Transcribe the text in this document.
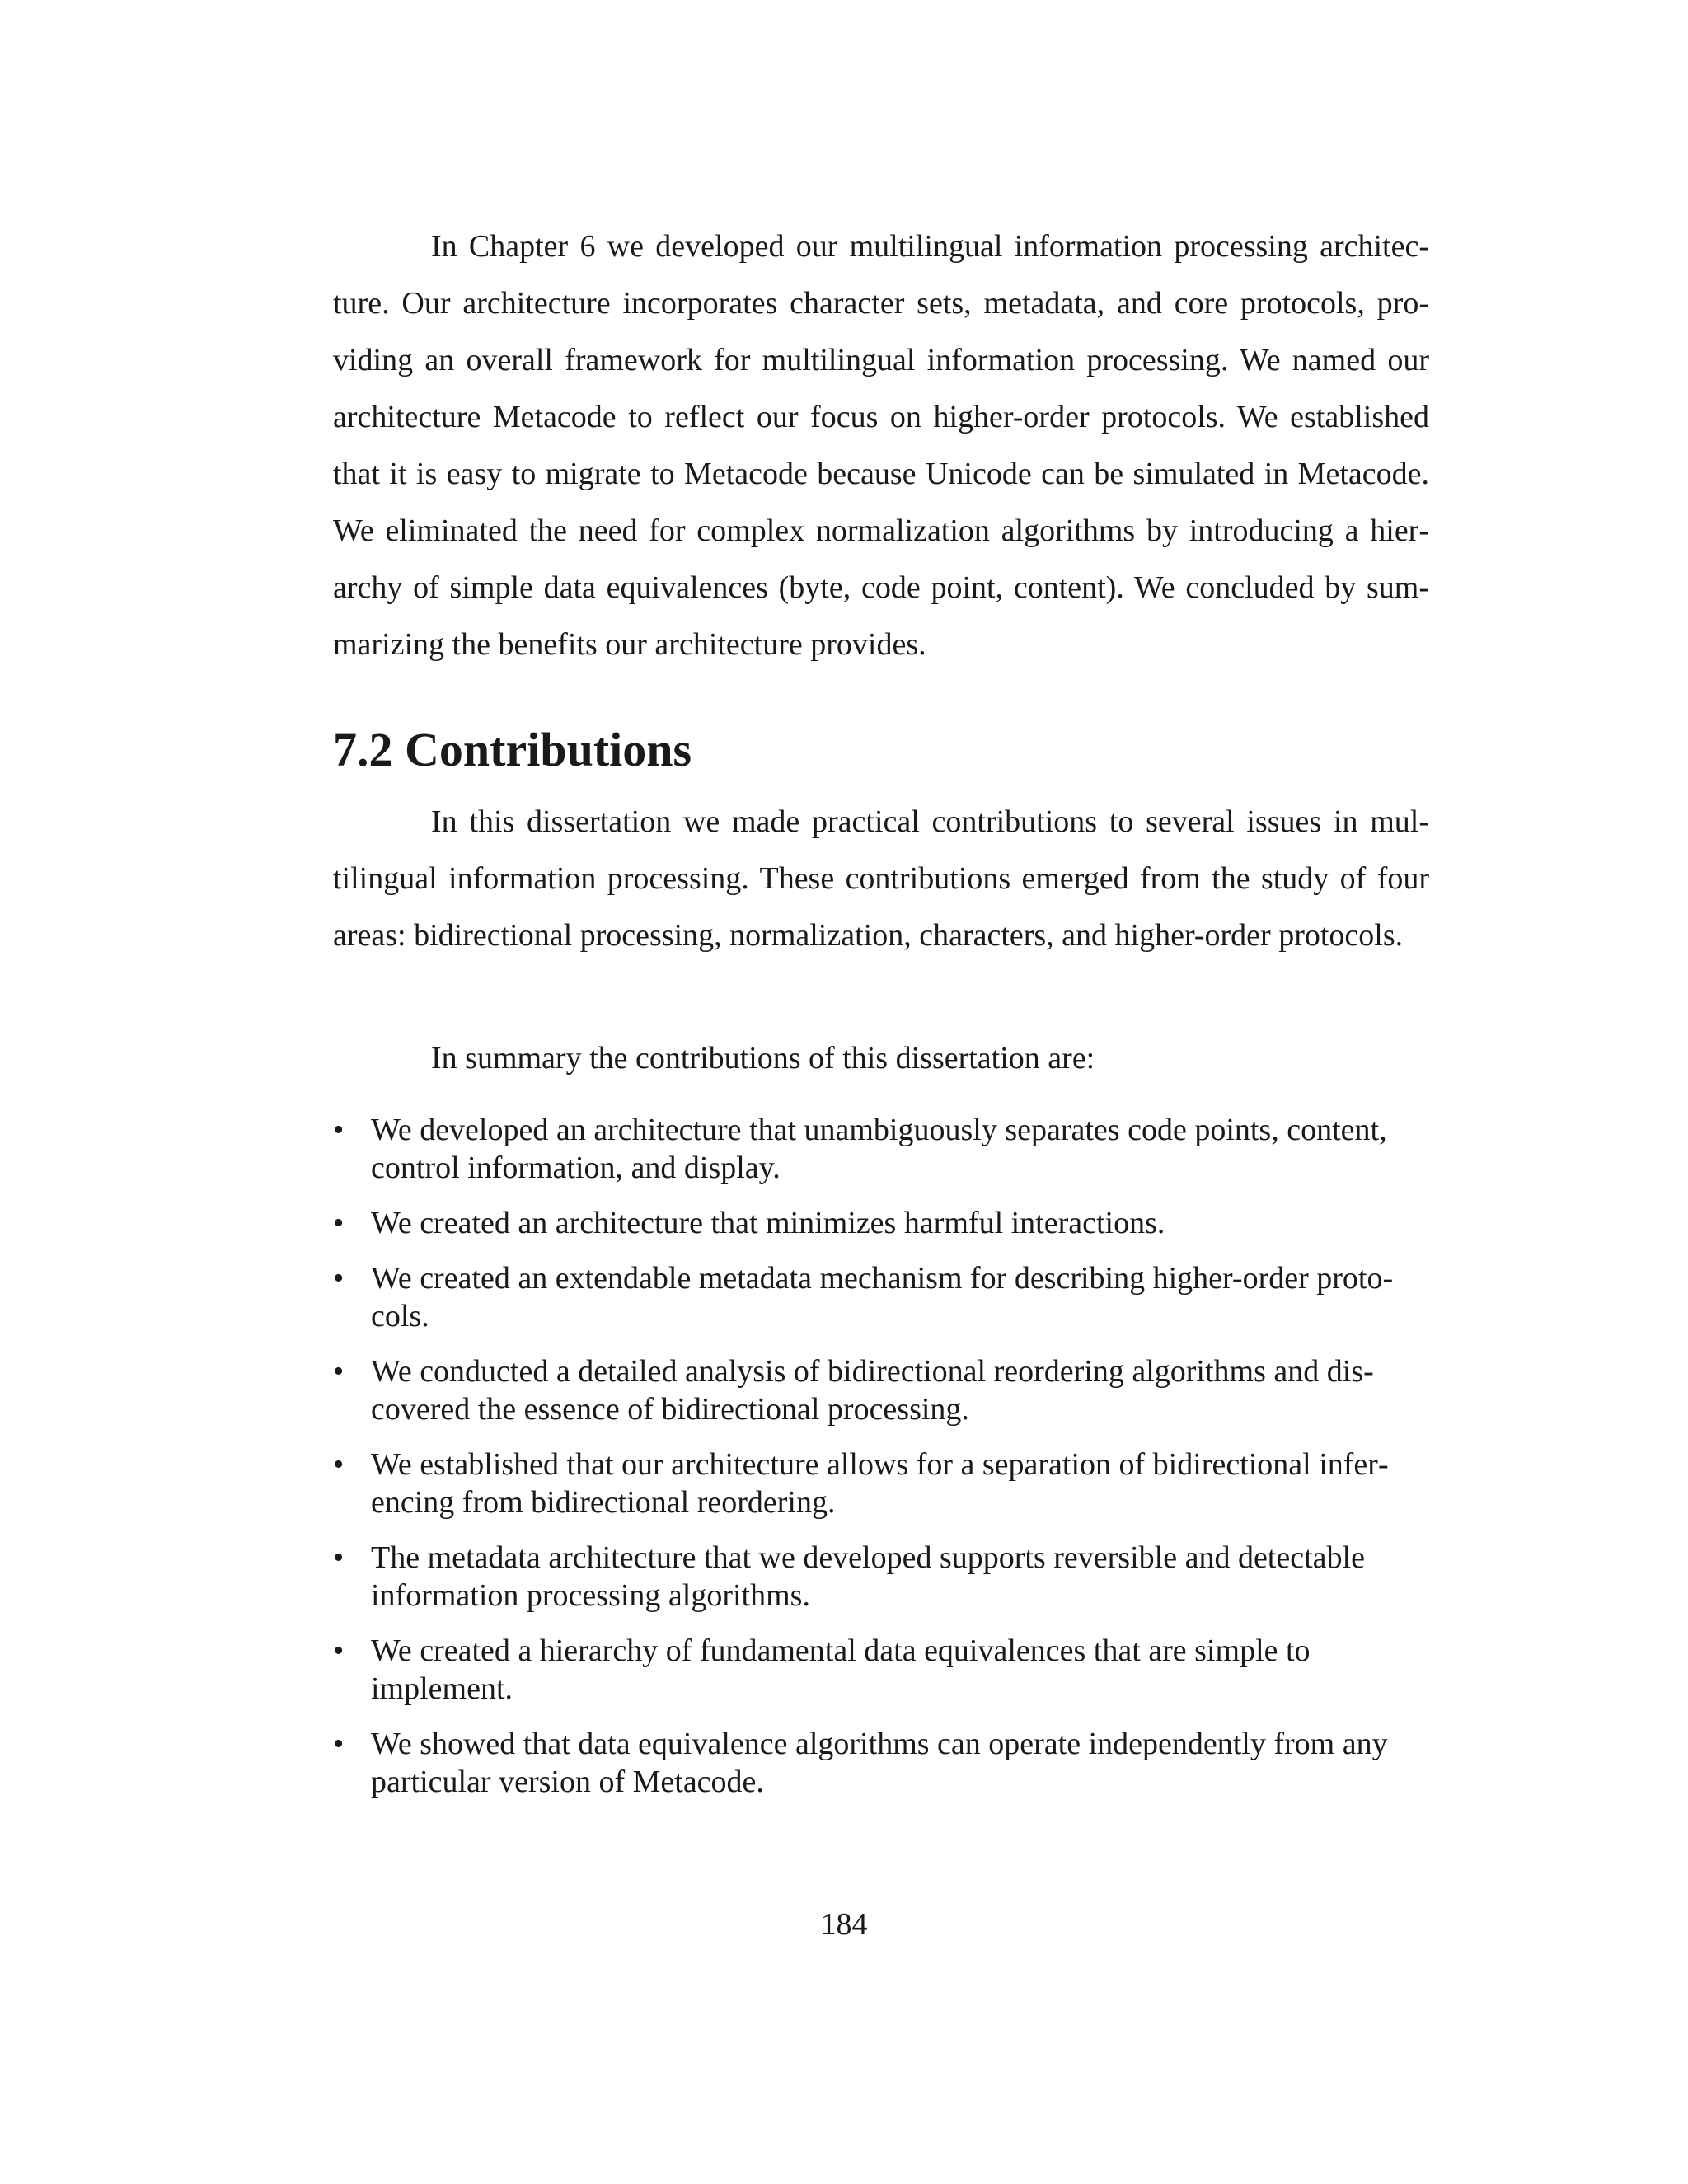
In Chapter 6 we developed our multilingual information processing architecture. Our architecture incorporates character sets, metadata, and core protocols, providing an overall framework for multilingual information processing. We named our architecture Metacode to reflect our focus on higher-order protocols. We established that it is easy to migrate to Metacode because Unicode can be simulated in Metacode. We eliminated the need for complex normalization algorithms by introducing a hierarchy of simple data equivalences (byte, code point, content). We concluded by summarizing the benefits our architecture provides.

7.2 Contributions

In this dissertation we made practical contributions to several issues in multilingual information processing. These contributions emerged from the study of four areas: bidirectional processing, normalization, characters, and higher-order protocols.

In summary the contributions of this dissertation are:

• We developed an architecture that unambiguously separates code points, content, control information, and display.
• We created an architecture that minimizes harmful interactions.
• We created an extendable metadata mechanism for describing higher-order protocols.
• We conducted a detailed analysis of bidirectional reordering algorithms and discovered the essence of bidirectional processing.
• We established that our architecture allows for a separation of bidirectional inferencing from bidirectional reordering.
• The metadata architecture that we developed supports reversible and detectable information processing algorithms.
• We created a hierarchy of fundamental data equivalences that are simple to implement.
• We showed that data equivalence algorithms can operate independently from any particular version of Metacode.

184
